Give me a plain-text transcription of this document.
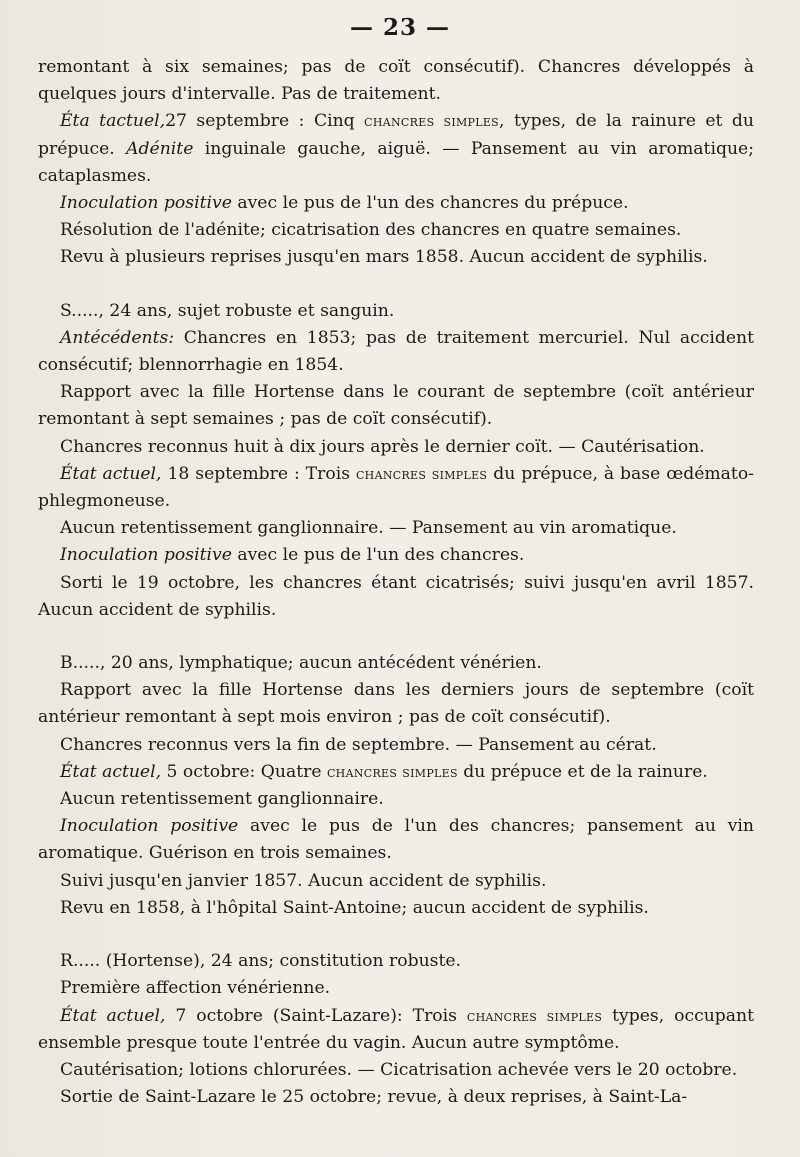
— 23 —

remontant à six semaines; pas de coït consécutif). Chancres développés à quelques jours d'intervalle. Pas de traitement.

Éta tactuel,27 septembre : Cinq chancres simples, types, de la rainure et du prépuce. Adénite inguinale gauche, aiguë. — Pansement au vin aromatique; cataplasmes.

Inoculation positive avec le pus de l'un des chancres du prépuce.

Résolution de l'adénite; cicatrisation des chancres en quatre semaines.

Revu à plusieurs reprises jusqu'en mars 1858. Aucun accident de syphilis.

S....., 24 ans, sujet robuste et sanguin.

Antécédents: Chancres en 1853; pas de traitement mercuriel. Nul accident consécutif; blennorrhagie en 1854.

Rapport avec la fille Hortense dans le courant de septembre (coït antérieur remontant à sept semaines ; pas de coït consécutif).

Chancres reconnus huit à dix jours après le dernier coït. — Cautérisation.

État actuel, 18 septembre : Trois chancres simples du prépuce, à base œdémato-phlegmoneuse.

Aucun retentissement ganglionnaire. — Pansement au vin aromatique.

Inoculation positive avec le pus de l'un des chancres.

Sorti le 19 octobre, les chancres étant cicatrisés; suivi jusqu'en avril 1857. Aucun accident de syphilis.

B....., 20 ans, lymphatique; aucun antécédent vénérien.

Rapport avec la fille Hortense dans les derniers jours de septembre (coït antérieur remontant à sept mois environ ; pas de coït consécutif).

Chancres reconnus vers la fin de septembre. — Pansement au cérat.

État actuel, 5 octobre: Quatre chancres simples du prépuce et de la rainure.

Aucun retentissement ganglionnaire.

Inoculation positive avec le pus de l'un des chancres; pansement au vin aromatique. Guérison en trois semaines.

Suivi jusqu'en janvier 1857. Aucun accident de syphilis.

Revu en 1858, à l'hôpital Saint-Antoine; aucun accident de syphilis.

R..... (Hortense), 24 ans; constitution robuste.

Première affection vénérienne.

État actuel, 7 octobre (Saint-Lazare): Trois chancres simples types, occupant ensemble presque toute l'entrée du vagin. Aucun autre symptôme.

Cautérisation; lotions chlorurées. — Cicatrisation achevée vers le 20 octobre.

Sortie de Saint-Lazare le 25 octobre; revue, à deux reprises, à Saint-La-
